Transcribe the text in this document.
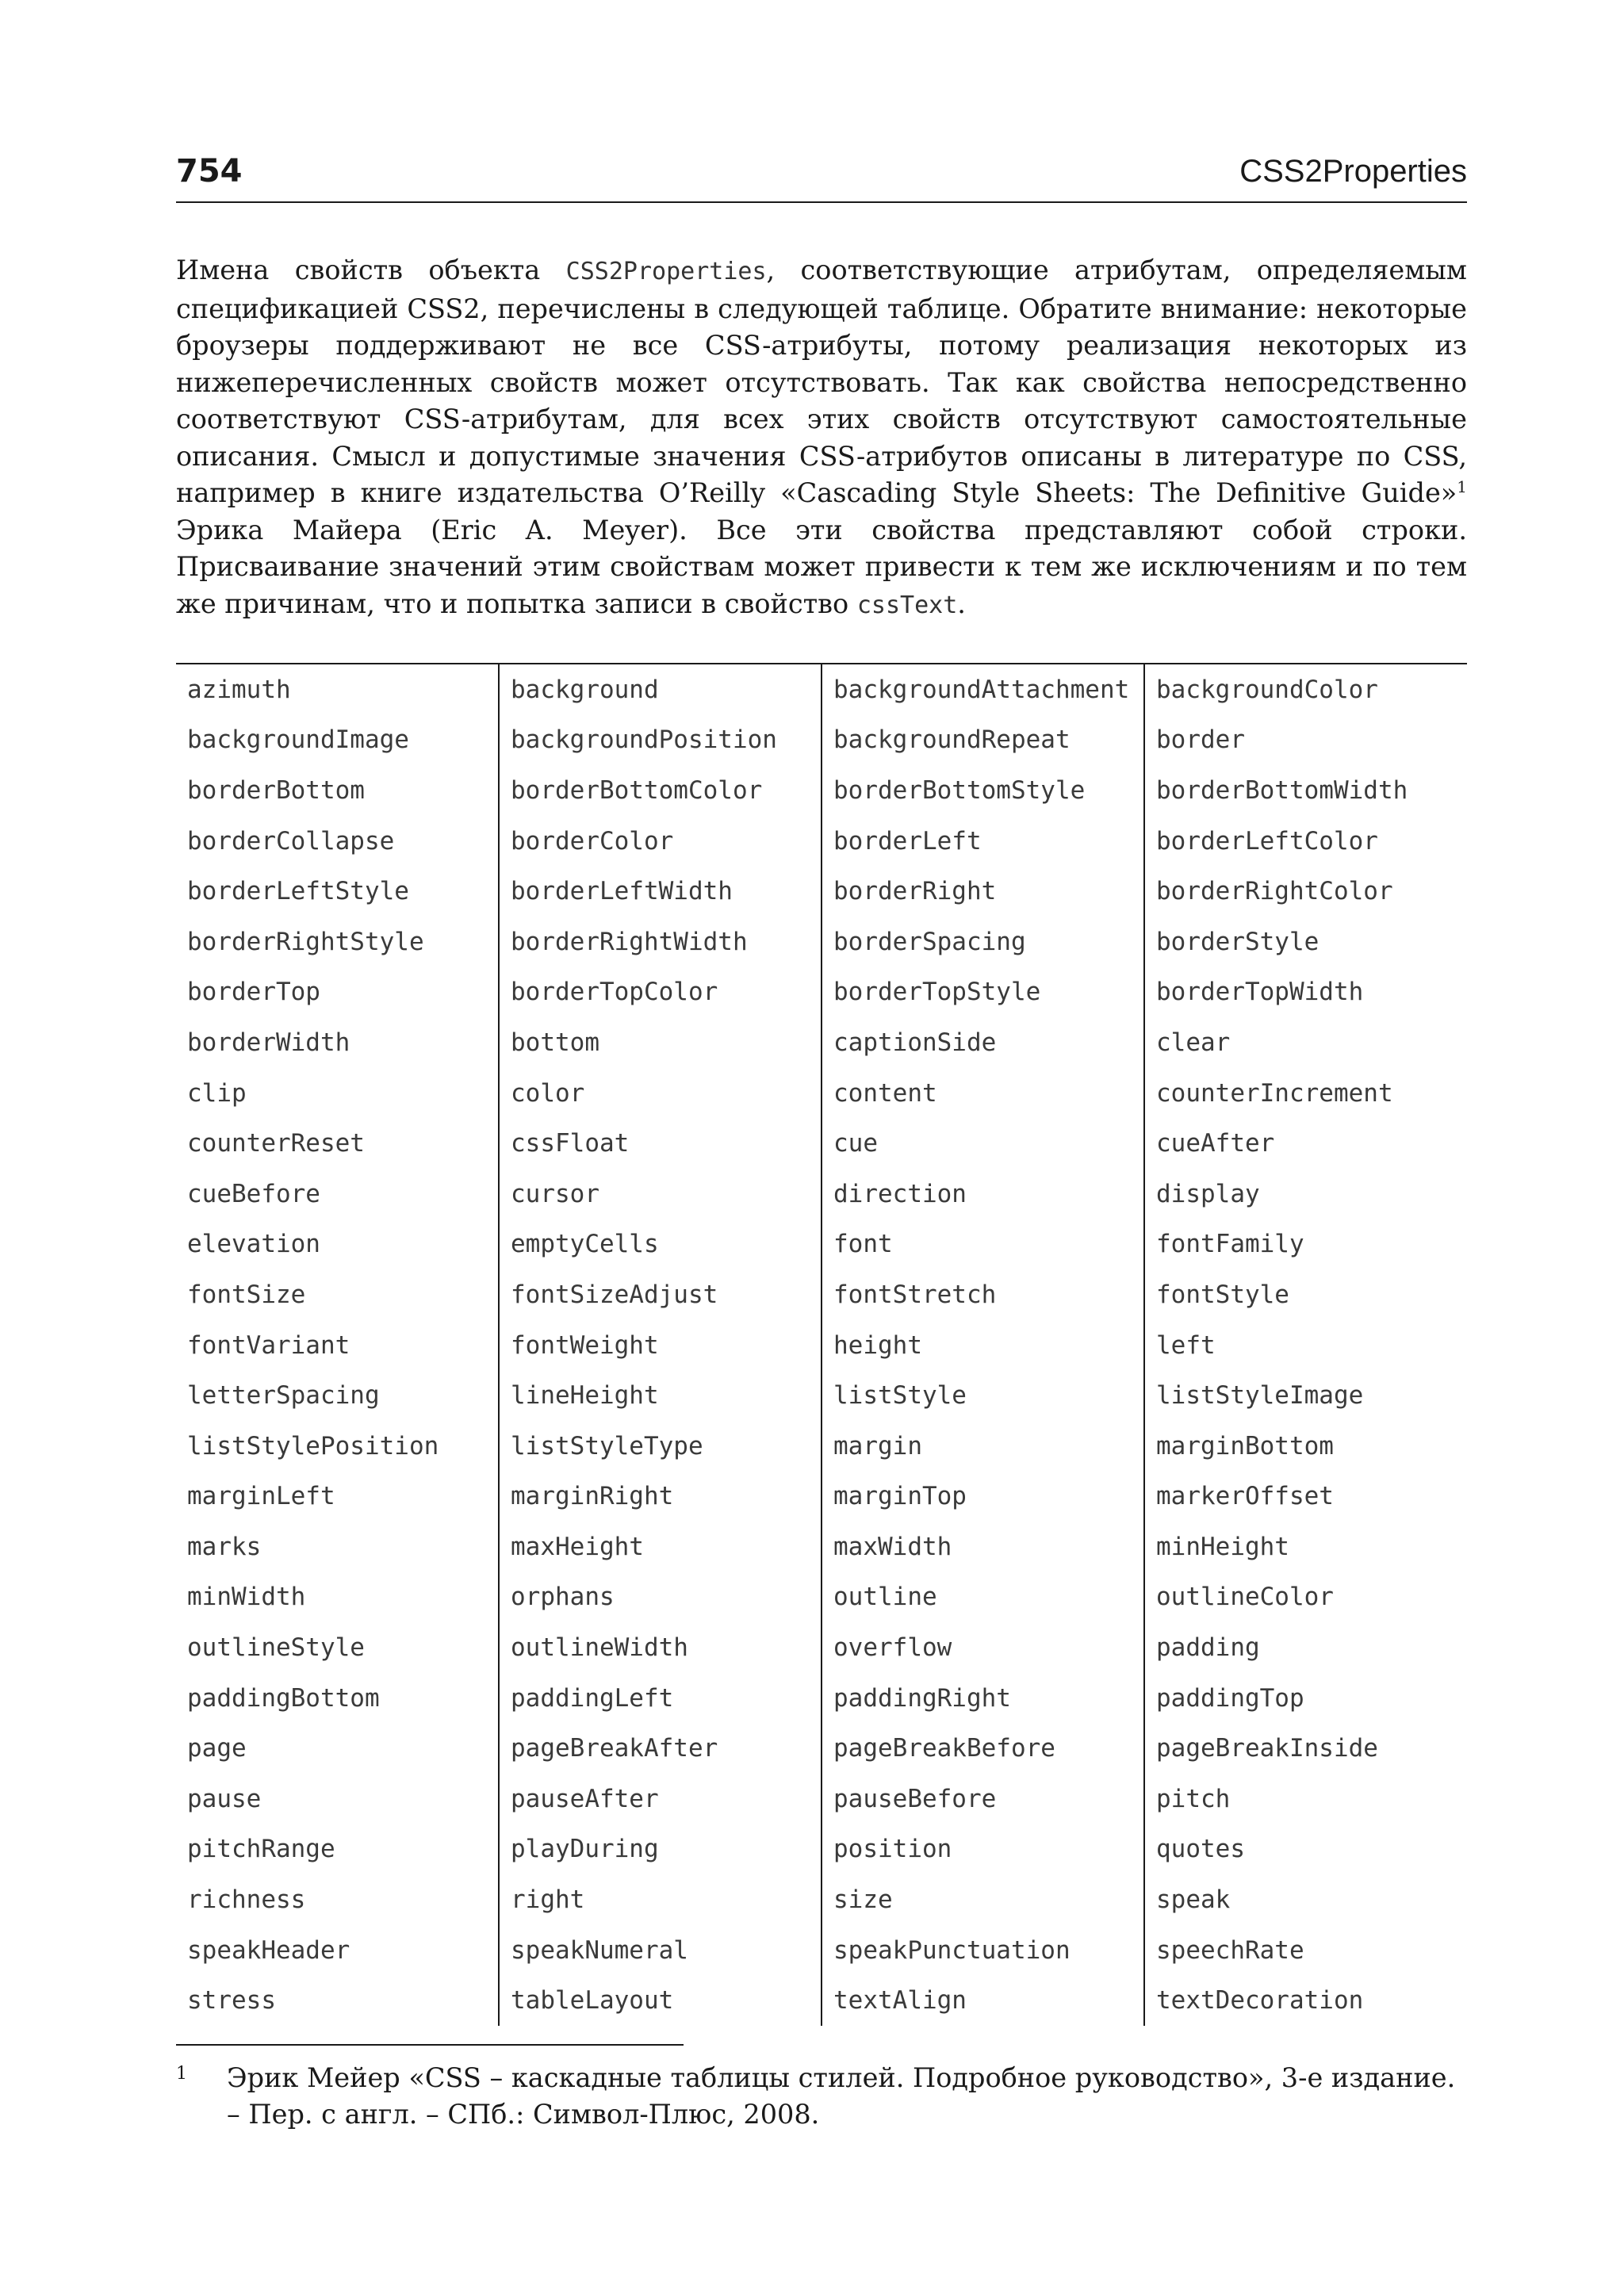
754	CSS2Properties

Имена свойств объекта CSS2Properties, соответствующие атрибутам, определяемым спецификацией CSS2, перечислены в следующей таблице. Обратите внимание: некоторые броузеры поддерживают не все CSS-атрибуты, потому реализация некоторых из нижеперечисленных свойств может отсутствовать. Так как свойства непосредственно соответствуют CSS-атрибутам, для всех этих свойств отсутствуют самостоятельные описания. Смысл и допустимые значения CSS-атрибутов описаны в литературе по CSS, например в книге издательства O’Reilly «Cascading Style Sheets: The Definitive Guide»$^1$ Эрика Майера (Eric A. Meyer). Все эти свойства представляют собой строки. Присваивание значений этим свойствам может привести к тем же исключениям и по тем же причинам, что и попытка записи в свойство cssText.

azimuth	background	backgroundAttachment	backgroundColor
backgroundImage	backgroundPosition	backgroundRepeat	border
borderBottom	borderBottomColor	borderBottomStyle	borderBottomWidth
borderCollapse	borderColor	borderLeft	borderLeftColor
borderLeftStyle	borderLeftWidth	borderRight	borderRightColor
borderRightStyle	borderRightWidth	borderSpacing	borderStyle
borderTop	borderTopColor	borderTopStyle	borderTopWidth
borderWidth	bottom	captionSide	clear
clip	color	content	counterIncrement
counterReset	cssFloat	cue	cueAfter
cueBefore	cursor	direction	display
elevation	emptyCells	font	fontFamily
fontSize	fontSizeAdjust	fontStretch	fontStyle
fontVariant	fontWeight	height	left
letterSpacing	lineHeight	listStyle	listStyleImage
listStylePosition	listStyleType	margin	marginBottom
marginLeft	marginRight	marginTop	markerOffset
marks	maxHeight	maxWidth	minHeight
minWidth	orphans	outline	outlineColor
outlineStyle	outlineWidth	overflow	padding
paddingBottom	paddingLeft	paddingRight	paddingTop
page	pageBreakAfter	pageBreakBefore	pageBreakInside
pause	pauseAfter	pauseBefore	pitch
pitchRange	playDuring	position	quotes
richness	right	size	speak
speakHeader	speakNumeral	speakPunctuation	speechRate
stress	tableLayout	textAlign	textDecoration
1 Эрик Мейер «CSS – каскадные таблицы стилей. Подробное руководство», 3-е издание. – Пер. с англ. – СПб.: Символ-Плюс, 2008.
